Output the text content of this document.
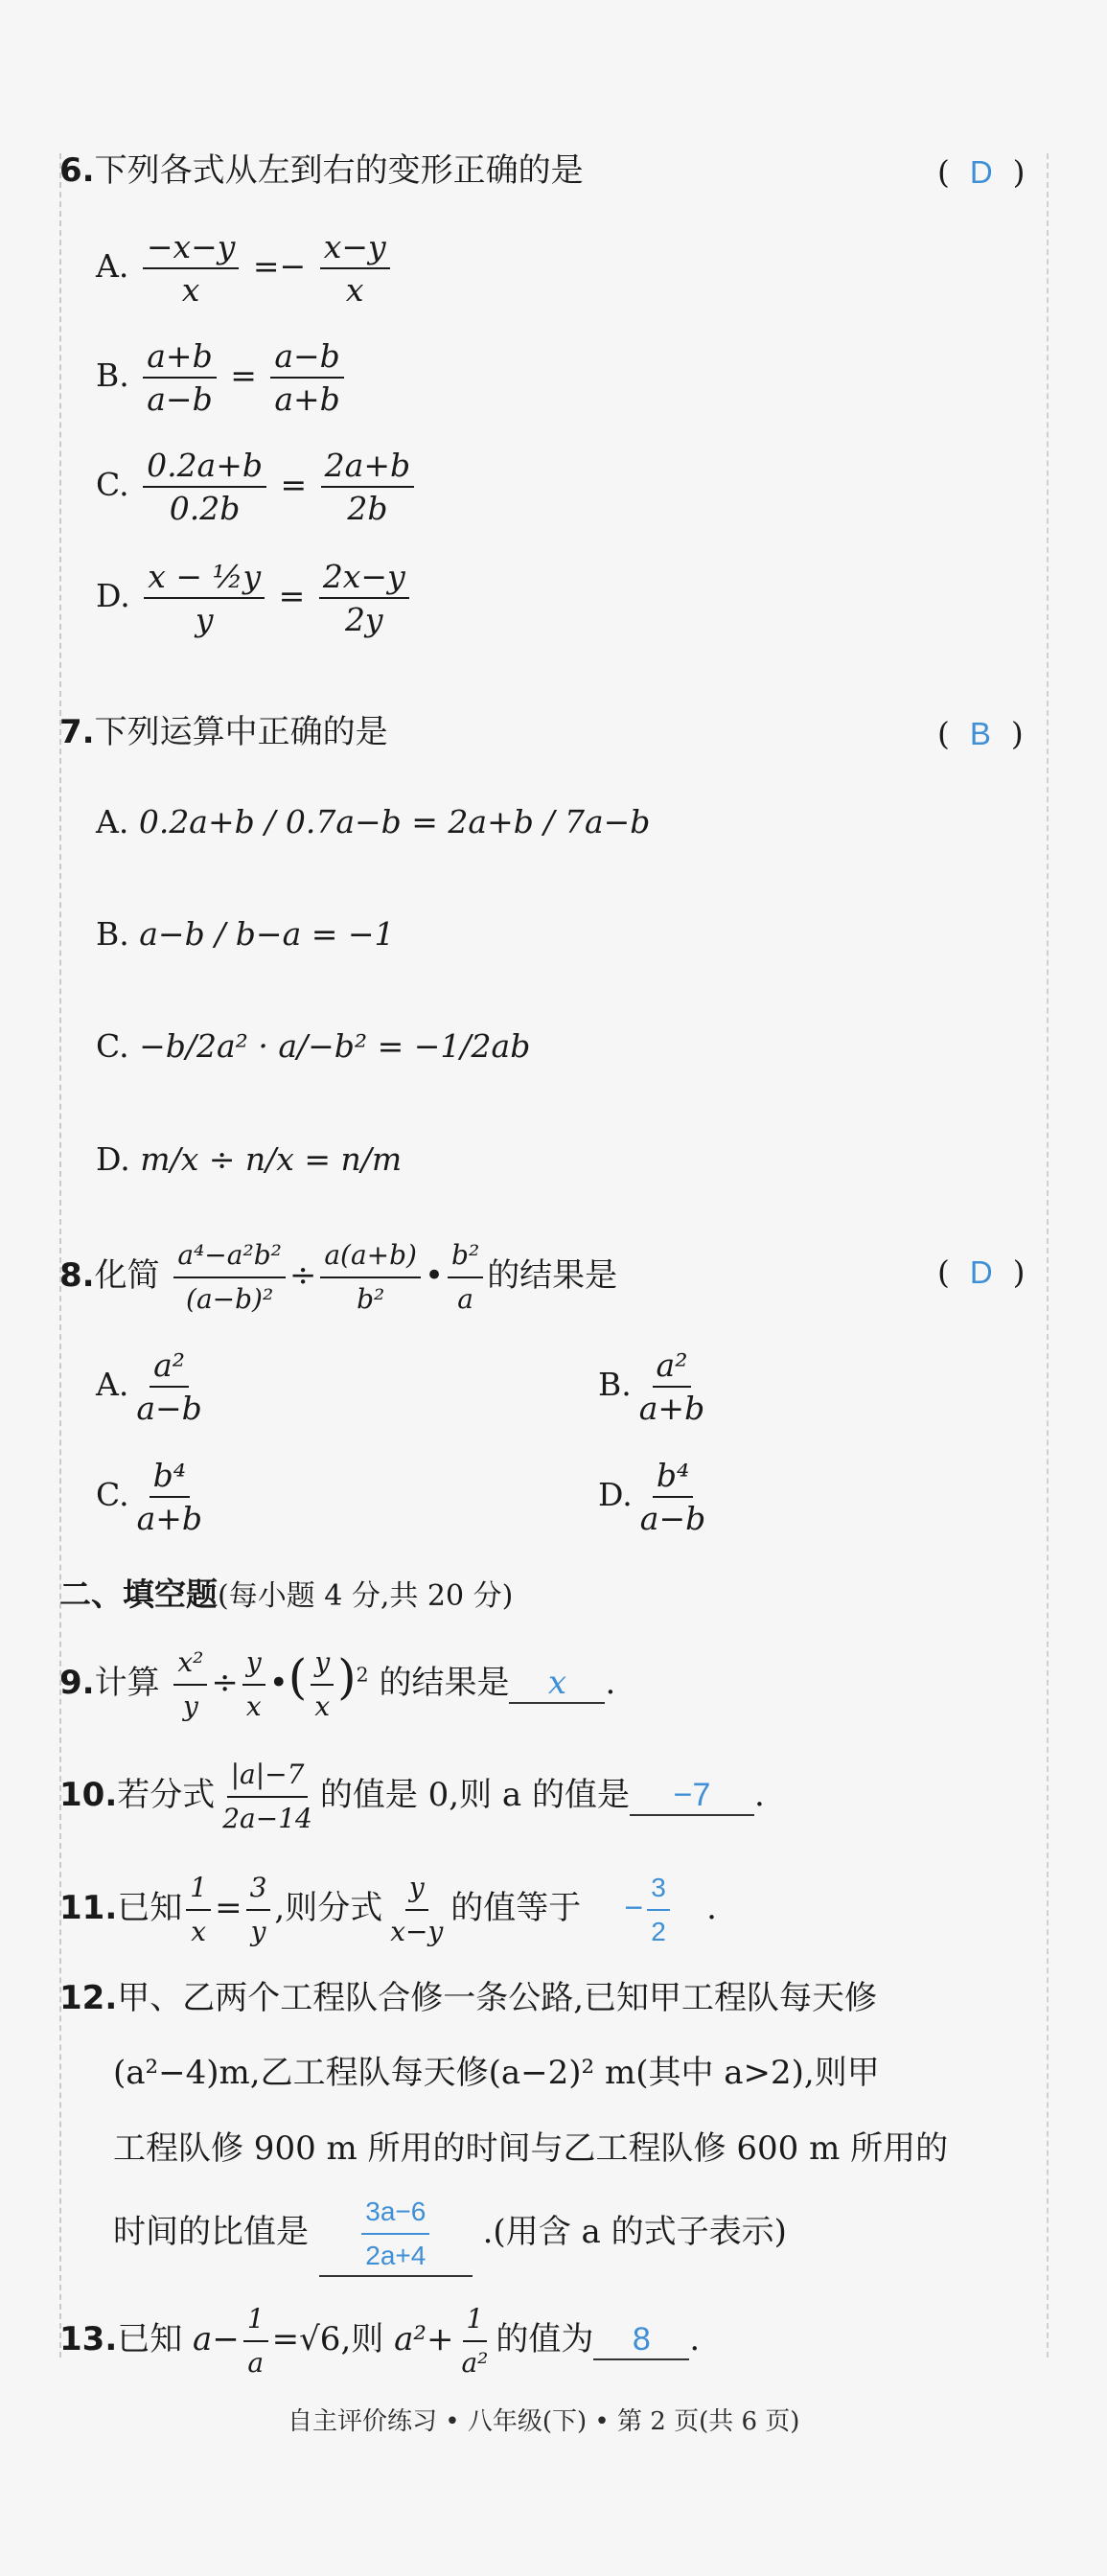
6.下列各式从左到右的变形正确的是	(  D  )
A. $\frac{-x-y}{x} =- \frac{x-y}{x}$
B. $\frac{a+b}{a-b} = \frac{a-b}{a+b}$
C. $\frac{0.2a+b}{0.2b} = \frac{2a+b}{2b}$
D. $\frac{\text{x − ½y}}{y} = \frac{2x-y}{2y}$
7.下列运算中正确的是	(  B  )
A. 0.2a+b / 0.7a−b = 2a+b / 7a−b
B. a−b / b−a = −1
C. −b/2a² · a/−b² = −1/2ab
D. m/x ÷ n/x = n/m
8.化简 $\frac{\text{a⁴−a²b²}}{\text{(a−b)²}} \div \frac{a(a+b)}{\text{b²}}$ • $\frac{\text{b²}}{a}$ 的结果是	(  D  )
A. $\frac{\text{a²}}{a-b}$	B. $\frac{\text{a²}}{a+b}$
C. $\frac{\text{b⁴}}{a+b}$	D. $\frac{\text{b⁴}}{a-b}$
二、填空题(每小题 4 分,共 20 分)
9.计算 $\frac{\text{x²}}{y} \div \frac{y}{x}$ •( $\frac{y}{x} )^2$ 的结果是 x .
10.若分式 $\frac{|a|-7}{2a-14}$ 的值是 0,则 a 的值是 −7 .
11.已知 $\frac{1}{x} = \frac{3}{y}$ ,则分式 $\frac{y}{x-y}$ 的值等于 − $\frac{3}{2}$ .
12.甲、乙两个工程队合修一条公路,已知甲工程队每天修
(a²−4)m,乙工程队每天修(a−2)² m(其中 a>2),则甲
工程队修 900 m 所用的时间与乙工程队修 600 m 所用的
时间的比值是 $\frac{3a-6}{2a+4}$ .(用含 a 的式子表示)
13.已知 $a- \frac{1}{a} =√6$,则 $a^2+ \frac{1}{\text{a²}}$ 的值为 8 .
自主评价练习 • 八年级(下) • 第 2 页(共 6 页)
